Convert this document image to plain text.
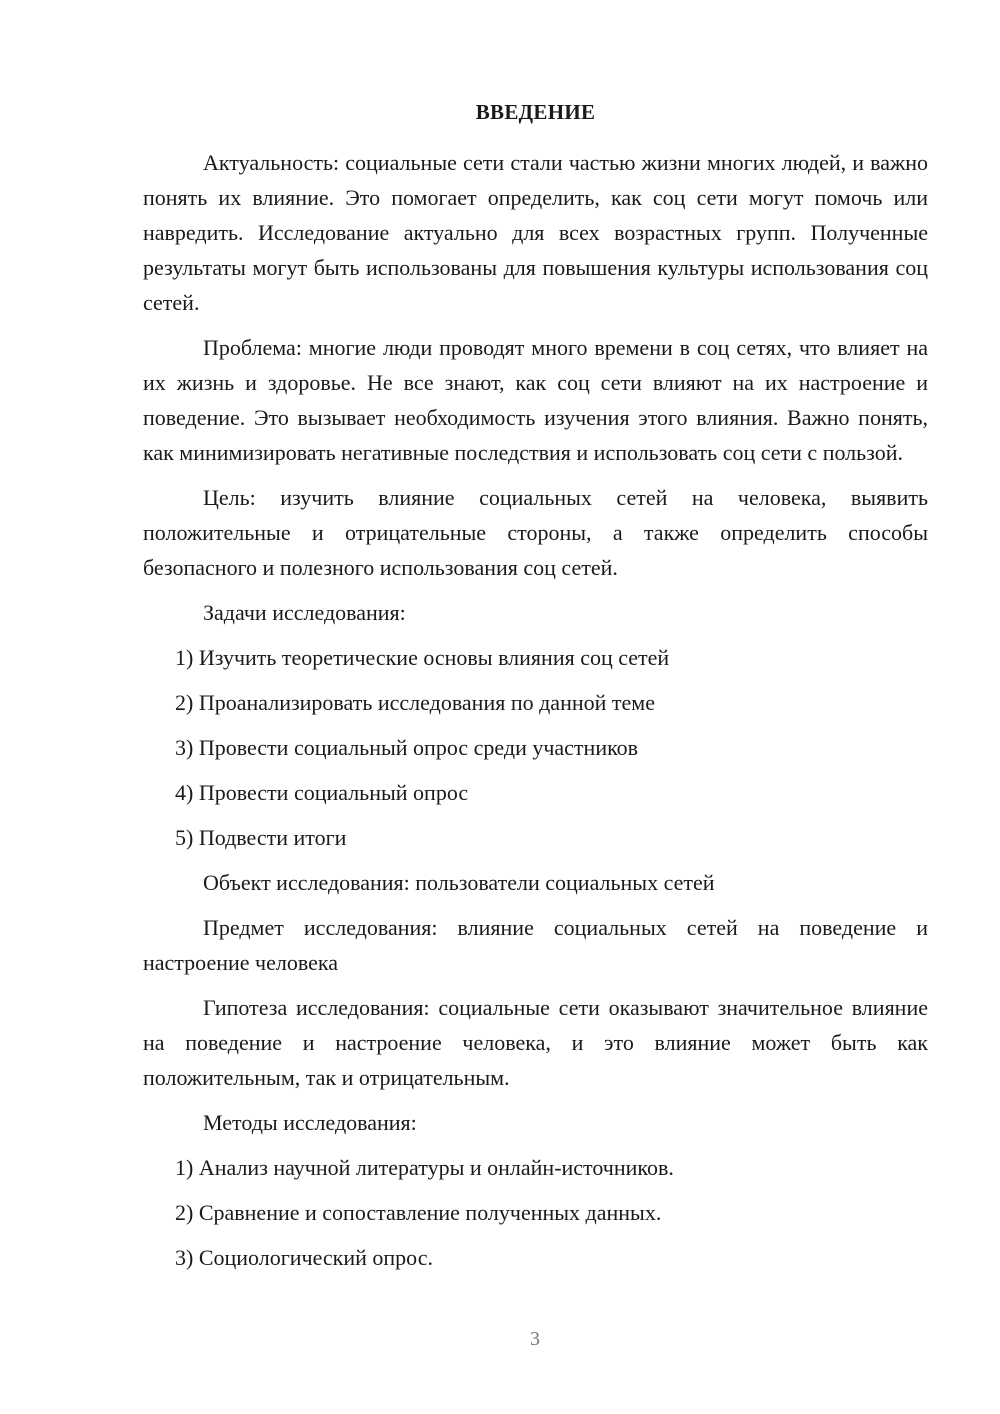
ВВЕДЕНИЕ

Актуальность: социальные сети стали частью жизни многих людей, и важно понять их влияние. Это помогает определить, как соц сети могут помочь или навредить. Исследование актуально для всех возрастных групп. Полученные результаты могут быть использованы для повышения культуры использования соц сетей.

Проблема: многие люди проводят много времени в соц сетях, что влияет на их жизнь и здоровье. Не все знают, как соц сети влияют на их настроение и поведение. Это вызывает необходимость изучения этого влияния. Важно понять, как минимизировать негативные последствия и использовать соц сети с пользой.

Цель: изучить влияние социальных сетей на человека, выявить положительные и отрицательные стороны, а также определить способы безопасного и полезного использования соц сетей.

Задачи исследования:
1) Изучить теоретические основы влияния соц сетей
2) Проанализировать исследования по данной теме
3) Провести социальный опрос среди участников
4) Провести социальный опрос
5) Подвести итоги
Объект исследования: пользователи социальных сетей

Предмет исследования: влияние социальных сетей на поведение и настроение человека

Гипотеза исследования: социальные сети оказывают значительное влияние на поведение и настроение человека, и это влияние может быть как положительным, так и отрицательным.

Методы исследования:
1) Анализ научной литературы и онлайн-источников.
2) Сравнение и сопоставление полученных данных.
3) Социологический опрос.
3
